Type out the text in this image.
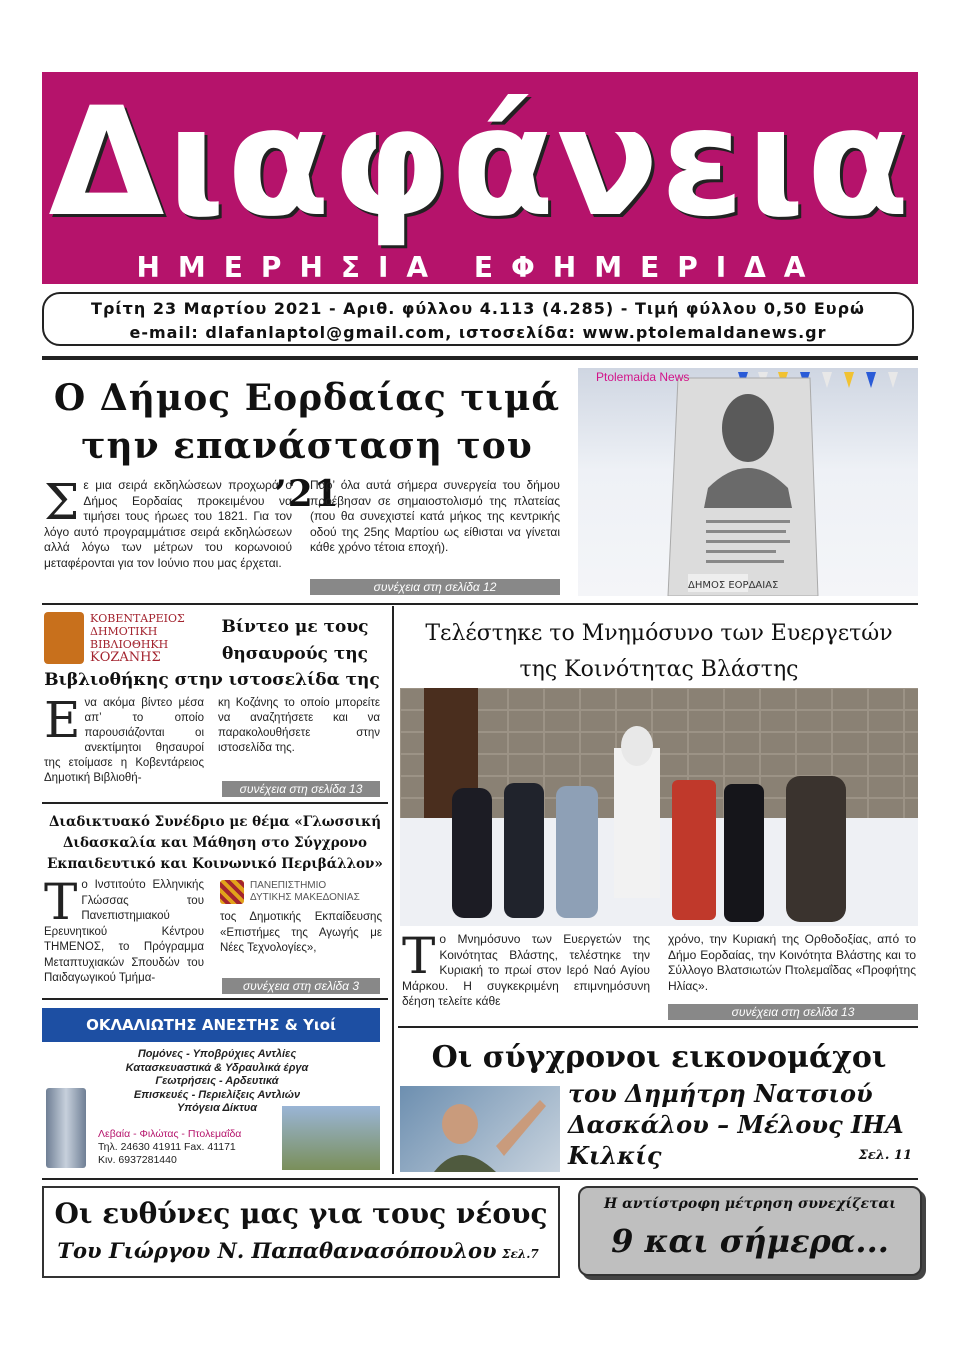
Διαφάνεια
ΗΜΕΡΗΣΙΑ ΕΦΗΜΕΡΙΔΑ
Τρίτη 23 Μαρτίου 2021 - Αριθ. φύλλου 4.113 (4.285) - Τιμή φύλλου 0,50 Ευρώ
e-mail: dlafanlaptol@gmail.com, ιστοσελίδα: www.ptolemaldanews.gr
Ο Δήμος Εορδαίας τιμά
την επανάσταση του ’21
Σε μια σειρά εκδηλώσεων προχωρά ο Δήμος Εορδαίας προκειμένου να τιμήσει τους ήρωες του 1821. Για τον λόγο αυτό προγραμμάτισε σειρά εκδηλώσεων αλλά λόγω των μέτρων του κορωνοιού μεταφέρονται για τον Ιούνιο που μας έρχεται.
Παρ’ όλα αυτά σήμερα συνεργεία του δήμου προέβησαν σε σημαιοστολισμό της πλατείας (που θα συνεχιστεί κατά μήκος της κεντρικής οδού της 25ης Μαρτίου ως είθισται να γίνεται κάθε χρόνο τέτοια εποχή).
συνέχεια στη σελίδα 12	ΔΗΜΟΣ ΕΟΡΔΑΙΑΣ
Ptolemaida News
ΚΟΒΕΝΤΑΡΕΙΟΣ
ΔΗΜΟΤΙΚΗ
ΒΙΒΛΙΟΘΗΚΗ
ΚΟΖΑΝΗΣ
Βίντεο με τους
θησαυρούς της
Βιβλιοθήκης στην ιστοσελίδα της
Ενα ακόμα βίντεο μέσα απ’ το οποίο παρουσιάζονται οι ανεκτίμητοι θησαυροί της ετοίμασε η Κοβεντάρειος Δημοτική Βιβλιοθή-
κη Κοζάνης το οποίο μπορείτε να αναζητήσετε και να παρακολουθήσετε στην ιστοσελίδα της.
συνέχεια στη σελίδα 13
Διαδικτυακό Συνέδριο με θέμα «Γλωσσική
Διδασκαλία και Μάθηση στο Σύγχρονο
Εκπαιδευτικό και Κοινωνικό Περιβάλλον»
Το Ινστιτούτο Ελληνικής Γλώσσας του Πανεπιστημιακού Ερευνητικού Κέντρου ΤΗΜΕΝΟΣ, το Πρόγραμμα Μεταπτυχιακών Σπουδών του Παιδαγωγικού Τμήμα-
ΠΑΝΕΠΙΣΤΗΜΙΟ
ΔΥΤΙΚΗΣ ΜΑΚΕΔΟΝΙΑΣ
τος Δημοτικής Εκπαίδευσης «Επιστήμες της Αγωγής με Νέες Τεχνολογίες»,
συνέχεια στη σελίδα 3
ΟΚΛΑΛΙΩΤΗΣ ΑΝΕΣΤΗΣ & Υιοί
Πομόνες - Υποβρύχιες Αντλίες
Κατασκευαστικά & Υδραυλικά έργα
Γεωτρήσεις - Αρδευτικά
Επισκευές - Περιελίξεις Αντλιών
Υπόγεια Δίκτυα
Λεβαία - Φιλώτας - Πτολεμαΐδα
Τηλ. 24630 41911 Fax. 41171
Κιν. 6937281440
Τελέστηκε το Μνημόσυνο των Ευεργετών
της Κοινότητας Βλάστης
Το Μνημόσυνο των Ευεργετών της Κοινότητας Βλάστης, τελέστηκε την Κυριακή το πρωί στον Ιερό Ναό Αγίου Μάρκου. Η συγκεκριμένη επιμνημόσυνη δέηση τελείτε κάθε
χρόνο, την Κυριακή της Ορθοδοξίας, από το Δήμο Εορδαίας, την Κοινότητα Βλάστης και το Σύλλογο Βλατσιωτών Πτολεμαΐδας «Προφήτης Ηλίας».
συνέχεια στη σελίδα 13
Οι σύγχρονοι εικονομάχοι
του Δημήτρη Νατσιού
Δασκάλου – Μέλους ΙΗΑ
Κιλκίς	Σελ. 11
Οι ευθύνες μας για τους νέους
Του Γιώργου Ν. Παπαθανασόπουλου Σελ.7
Η αντίστροφη μέτρηση συνεχίζεται
9 και σήμερα...
